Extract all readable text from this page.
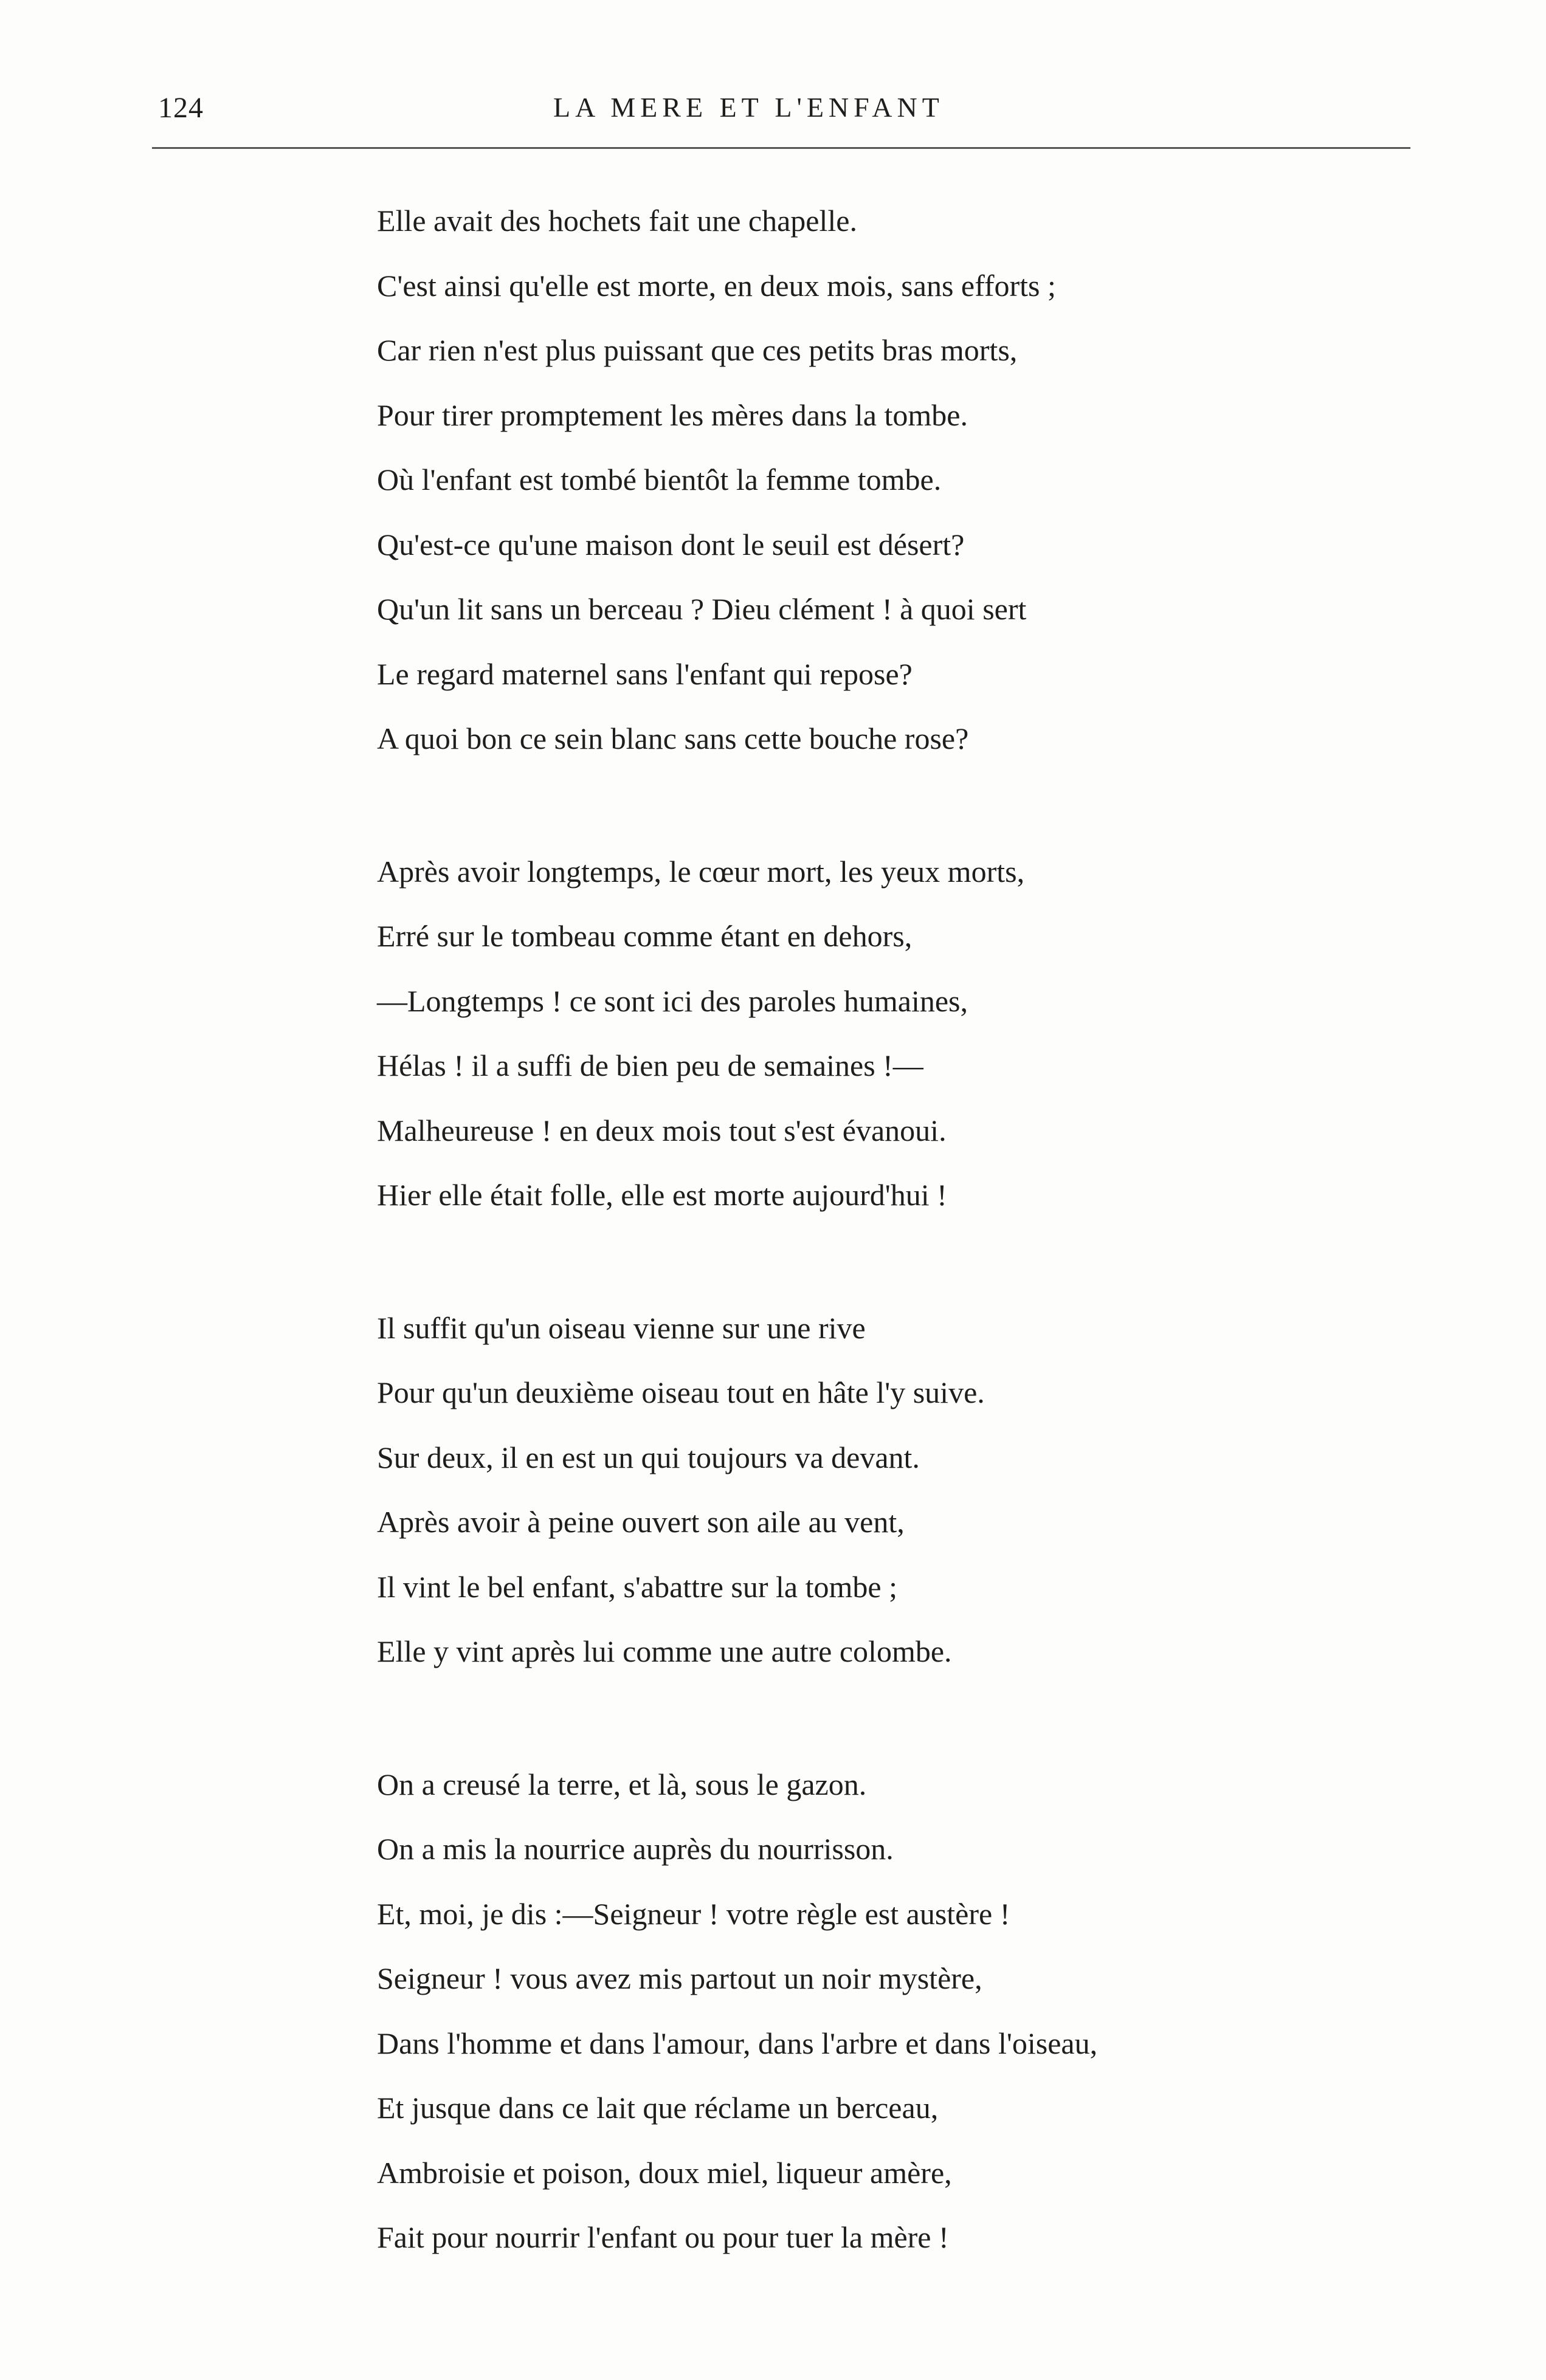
124	LA MERE ET L'ENFANT
Elle avait des hochets fait une chapelle.
C'est ainsi qu'elle est morte, en deux mois, sans efforts ;
Car rien n'est plus puissant que ces petits bras morts,
Pour tirer promptement les mères dans la tombe.
Où l'enfant est tombé bientôt la femme tombe.
Qu'est-ce qu'une maison dont le seuil est désert?
Qu'un lit sans un berceau ? Dieu clément ! à quoi sert
Le regard maternel sans l'enfant qui repose?
A quoi bon ce sein blanc sans cette bouche rose?
Après avoir longtemps, le cœur mort, les yeux morts,
Erré sur le tombeau comme étant en dehors,
—Longtemps ! ce sont ici des paroles humaines,
Hélas ! il a suffi de bien peu de semaines !—
Malheureuse ! en deux mois tout s'est évanoui.
Hier elle était folle, elle est morte aujourd'hui !
Il suffit qu'un oiseau vienne sur une rive
Pour qu'un deuxième oiseau tout en hâte l'y suive.
Sur deux, il en est un qui toujours va devant.
Après avoir à peine ouvert son aile au vent,
Il vint le bel enfant, s'abattre sur la tombe ;
Elle y vint après lui comme une autre colombe.
On a creusé la terre, et là, sous le gazon.
On a mis la nourrice auprès du nourrisson.
Et, moi, je dis :—Seigneur ! votre règle est austère !
Seigneur ! vous avez mis partout un noir mystère,
Dans l'homme et dans l'amour, dans l'arbre et dans l'oiseau,
Et jusque dans ce lait que réclame un berceau,
Ambroisie et poison, doux miel, liqueur amère,
Fait pour nourrir l'enfant ou pour tuer la mère !
